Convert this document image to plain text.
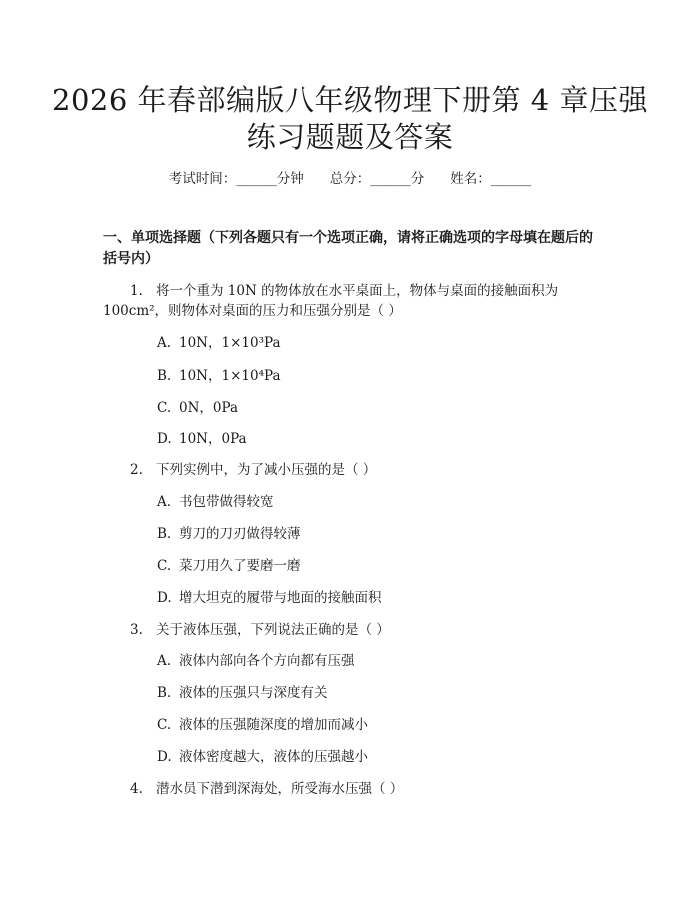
2026 年春部编版八年级物理下册第 4 章压强
练习题题及答案
考试时间：______分钟 总分：______分 姓名：______
一、单项选择题（下列各题只有一个选项正确，请将正确选项的字母填在题后的
括号内）
1. 将一个重为 10N 的物体放在水平桌面上，物体与桌面的接触面积为
100cm²，则物体对桌面的压力和压强分别是（ ）
A. 10N，1×10³Pa
B. 10N，1×10⁴Pa
C. 0N，0Pa
D. 10N，0Pa
2. 下列实例中，为了减小压强的是（ ）
A. 书包带做得较宽
B. 剪刀的刀刃做得较薄
C. 菜刀用久了要磨一磨
D. 增大坦克的履带与地面的接触面积
3. 关于液体压强，下列说法正确的是（ ）
A. 液体内部向各个方向都有压强
B. 液体的压强只与深度有关
C. 液体的压强随深度的增加而减小
D. 液体密度越大，液体的压强越小
4. 潜水员下潜到深海处，所受海水压强（ ）
